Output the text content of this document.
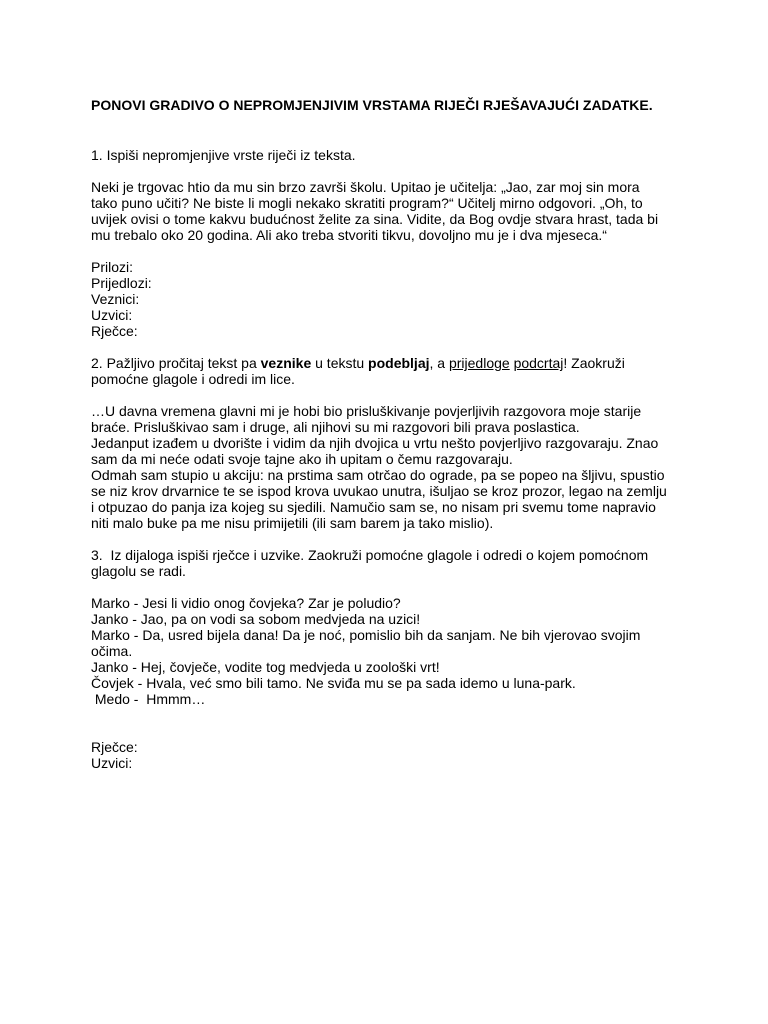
PONOVI GRADIVO O NEPROMJENJIVIM VRSTAMA RIJEČI RJEŠAVAJUĆI ZADATKE.
1. Ispiši nepromjenjive vrste riječi iz teksta.
Neki je trgovac htio da mu sin brzo završi školu. Upitao je učitelja: „Jao, zar moj sin mora
tako puno učiti? Ne biste li mogli nekako skratiti program?“ Učitelj mirno odgovori. „Oh, to
uvijek ovisi o tome kakvu budućnost želite za sina. Vidite, da Bog ovdje stvara hrast, tada bi
mu trebalo oko 20 godina. Ali ako treba stvoriti tikvu, dovoljno mu je i dva mjeseca.“
Prilozi:
Prijedlozi:
Veznici:
Uzvici:
Rječce:
2. Pažljivo pročitaj tekst pa veznike u tekstu podebljaj, a prijedloge podcrtaj! Zaokruži
pomoćne glagole i odredi im lice.
…U davna vremena glavni mi je hobi bio prisluškivanje povjerljivih razgovora moje starije
braće. Prisluškivao sam i druge, ali njihovi su mi razgovori bili prava poslastica.
Jedanput izađem u dvorište i vidim da njih dvojica u vrtu nešto povjerljivo razgovaraju. Znao
sam da mi neće odati svoje tajne ako ih upitam o čemu razgovaraju.
Odmah sam stupio u akciju: na prstima sam otrčao do ograde, pa se popeo na šljivu, spustio
se niz krov drvarnice te se ispod krova uvukao unutra, išuljao se kroz prozor, legao na zemlju
i otpuzao do panja iza kojeg su sjedili. Namučio sam se, no nisam pri svemu tome napravio
niti malo buke pa me nisu primijetili (ili sam barem ja tako mislio).
3.  Iz dijaloga ispiši rječce i uzvike. Zaokruži pomoćne glagole i odredi o kojem pomoćnom
glagolu se radi.
Marko - Jesi li vidio onog čovjeka? Zar je poludio?
Janko - Jao, pa on vodi sa sobom medvjeda na uzici!
Marko - Da, usred bijela dana! Da je noć, pomislio bih da sanjam. Ne bih vjerovao svojim
očima.
Janko - Hej, čovječe, vodite tog medvjeda u zoološki vrt!
Čovjek - Hvala, već smo bili tamo. Ne sviđa mu se pa sada idemo u luna-park.
Medo -  Hmmm…
Rječce:
Uzvici:
